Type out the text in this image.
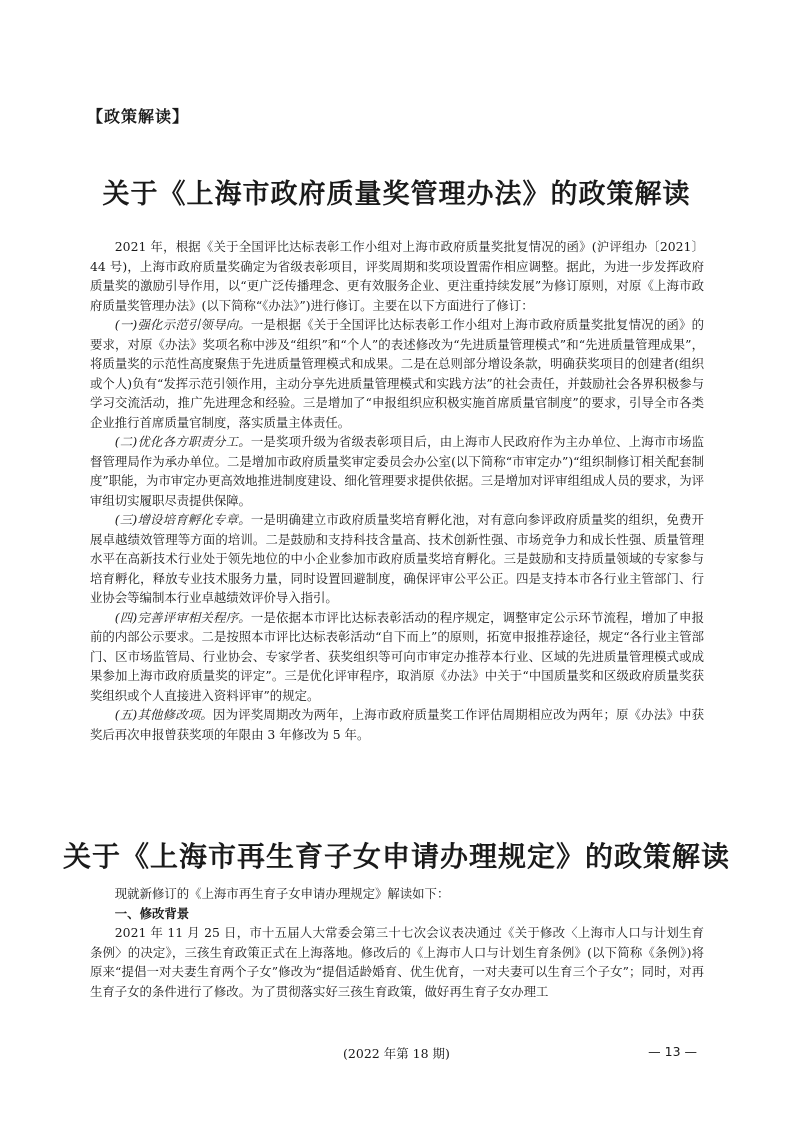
【政策解读】
关于《上海市政府质量奖管理办法》的政策解读

2021 年，根据《关于全国评比达标表彰工作小组对上海市政府质量奖批复情况的函》(沪评组办〔2021〕44 号)，上海市政府质量奖确定为省级表彰项目，评奖周期和奖项设置需作相应调整。据此，为进一步发挥政府质量奖的激励引导作用，以“更广泛传播理念、更有效服务企业、更注重持续发展”为修订原则，对原《上海市政府质量奖管理办法》(以下简称“《办法》”)进行修订。主要在以下方面进行了修订：

(一)强化示范引领导向。一是根据《关于全国评比达标表彰工作小组对上海市政府质量奖批复情况的函》的要求，对原《办法》奖项名称中涉及“组织”和“个人”的表述修改为“先进质量管理模式”和“先进质量管理成果”，将质量奖的示范性高度聚焦于先进质量管理模式和成果。二是在总则部分增设条款，明确获奖项目的创建者(组织或个人)负有“发挥示范引领作用，主动分享先进质量管理模式和实践方法”的社会责任，并鼓励社会各界积极参与学习交流活动，推广先进理念和经验。三是增加了“申报组织应积极实施首席质量官制度”的要求，引导全市各类企业推行首席质量官制度，落实质量主体责任。

(二)优化各方职责分工。一是奖项升级为省级表彰项目后，由上海市人民政府作为主办单位、上海市市场监督管理局作为承办单位。二是增加市政府质量奖审定委员会办公室(以下简称“市审定办”)“组织制修订相关配套制度”职能，为市审定办更高效地推进制度建设、细化管理要求提供依据。三是增加对评审组组成人员的要求，为评审组切实履职尽责提供保障。

(三)增设培育孵化专章。一是明确建立市政府质量奖培育孵化池，对有意向参评政府质量奖的组织，免费开展卓越绩效管理等方面的培训。二是鼓励和支持科技含量高、技术创新性强、市场竞争力和成长性强、质量管理水平在高新技术行业处于领先地位的中小企业参加市政府质量奖培育孵化。三是鼓励和支持质量领域的专家参与培育孵化，释放专业技术服务力量，同时设置回避制度，确保评审公平公正。四是支持本市各行业主管部门、行业协会等编制本行业卓越绩效评价导入指引。

(四)完善评审相关程序。一是依据本市评比达标表彰活动的程序规定，调整审定公示环节流程，增加了申报前的内部公示要求。二是按照本市评比达标表彰活动“自下而上”的原则，拓宽申报推荐途径，规定“各行业主管部门、区市场监管局、行业协会、专家学者、获奖组织等可向市审定办推荐本行业、区域的先进质量管理模式或成果参加上海市政府质量奖的评定”。三是优化评审程序，取消原《办法》中关于“中国质量奖和区级政府质量奖获奖组织或个人直接进入资料评审”的规定。

(五)其他修改项。因为评奖周期改为两年，上海市政府质量奖工作评估周期相应改为两年；原《办法》中获奖后再次申报曾获奖项的年限由 3 年修改为 5 年。

关于《上海市再生育子女申请办理规定》的政策解读

现就新修订的《上海市再生育子女申请办理规定》解读如下：

一、修改背景

2021 年 11 月 25 日，市十五届人大常委会第三十七次会议表决通过《关于修改〈上海市人口与计划生育条例〉的决定》，三孩生育政策正式在上海落地。修改后的《上海市人口与计划生育条例》(以下简称《条例》)将原来“提倡一对夫妻生育两个子女”修改为“提倡适龄婚育、优生优育，一对夫妻可以生育三个子女”；同时，对再生育子女的条件进行了修改。为了贯彻落实好三孩生育政策，做好再生育子女办理工

(2022 年第 18 期)	— 13 —
